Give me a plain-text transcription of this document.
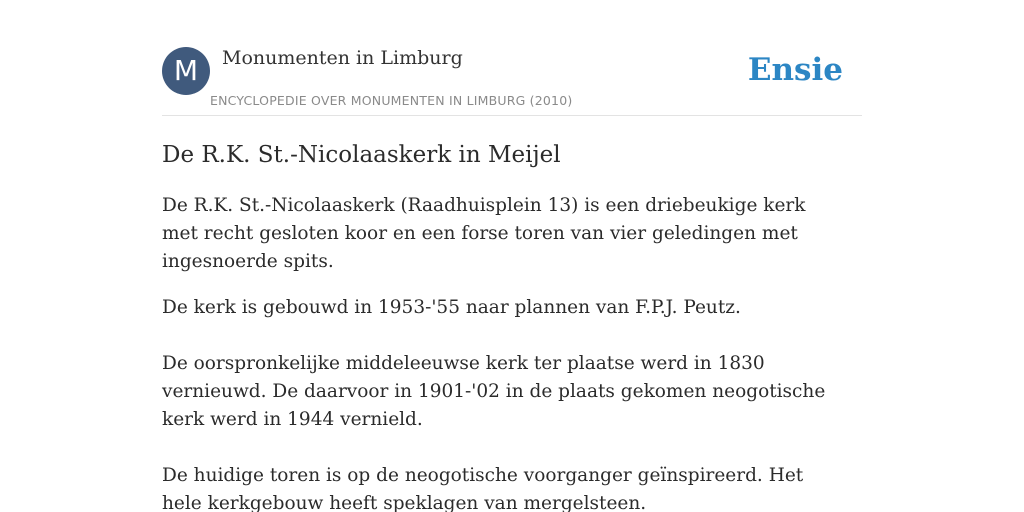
M	Monumenten in Limburg
ENCYCLOPEDIE OVER MONUMENTEN IN LIMBURG (2010)
Ensie
De R.K. St.-Nicolaaskerk in Meijel

De R.K. St.-Nicolaaskerk (Raadhuisplein 13) is een driebeukige kerk met recht gesloten koor en een forse toren van vier geledingen met ingesnoerde spits.

De kerk is gebouwd in 1953-'55 naar plannen van F.P.J. Peutz.

De oorspronkelijke middeleeuwse kerk ter plaatse werd in 1830 vernieuwd. De daarvoor in 1901-'02 in de plaats gekomen neogotische kerk werd in 1944 vernield.

De huidige toren is op de neogotische voorganger geïnspireerd. Het hele kerkgebouw heeft speklagen van mergelsteen.
